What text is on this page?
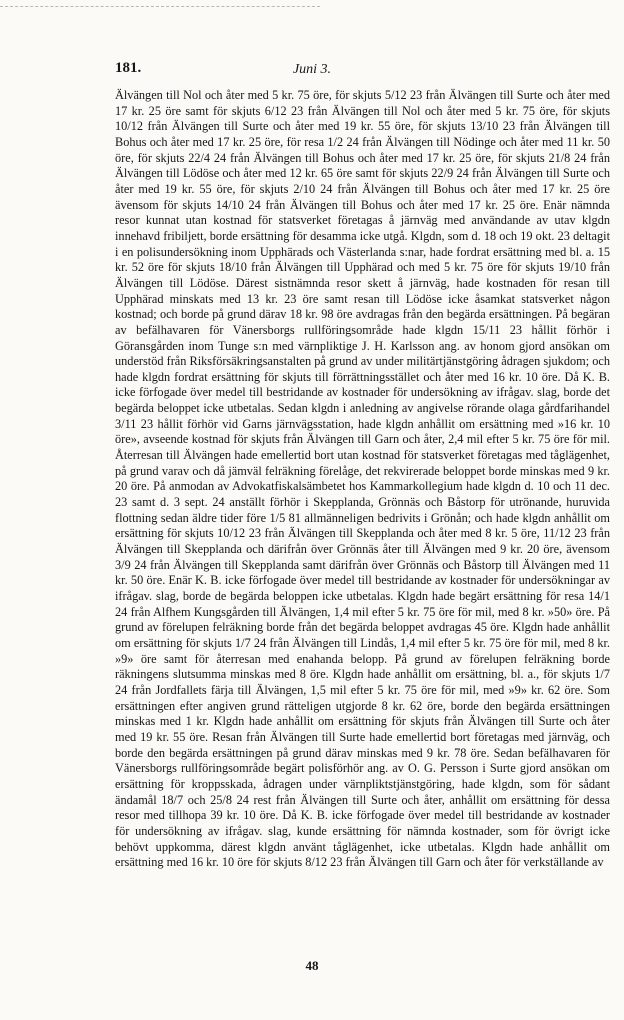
181.	Juni 3.

Älvängen till Nol och åter med 5 kr. 75 öre, för skjuts 5/12 23 från Älvängen till Surte och åter med 17 kr. 25 öre samt för skjuts 6/12 23 från Älvängen till Nol och åter med 5 kr. 75 öre, för skjuts 10/12 från Älvängen till Surte och åter med 19 kr. 55 öre, för skjuts 13/10 23 från Älvängen till Bohus och åter med 17 kr. 25 öre, för resa 1/2 24 från Älvängen till Nödinge och åter med 11 kr. 50 öre, för skjuts 22/4 24 från Älvängen till Bohus och åter med 17 kr. 25 öre, för skjuts 21/8 24 från Älvängen till Lödöse och åter med 12 kr. 65 öre samt för skjuts 22/9 24 från Älvängen till Surte och åter med 19 kr. 55 öre, för skjuts 2/10 24 från Älvängen till Bohus och åter med 17 kr. 25 öre ävensom för skjuts 14/10 24 från Älvängen till Bohus och åter med 17 kr. 25 öre. Enär nämnda resor kunnat utan kostnad för statsverket företagas å järnväg med användande av utav klgdn innehavd fribiljett, borde ersättning för desamma icke utgå. Klgdn, som d. 18 och 19 okt. 23 deltagit i en polisundersökning inom Upphärads och Västerlanda s:nar, hade fordrat ersättning med bl. a. 15 kr. 52 öre för skjuts 18/10 från Älvängen till Upphärad och med 5 kr. 75 öre för skjuts 19/10 från Älvängen till Lödöse. Därest sistnämnda resor skett å järnväg, hade kostnaden för resan till Upphärad minskats med 13 kr. 23 öre samt resan till Lödöse icke åsamkat statsverket någon kostnad; och borde på grund därav 18 kr. 98 öre avdragas från den begärda ersättningen. På begäran av befälhavaren för Vänersborgs rullföringsområde hade klgdn 15/11 23 hållit förhör i Göransgården inom Tunge s:n med värnpliktige J. H. Karlsson ang. av honom gjord ansökan om understöd från Riksförsäkringsanstalten på grund av under militärtjänstgöring ådragen sjukdom; och hade klgdn fordrat ersättning för skjuts till förrättningsstället och åter med 16 kr. 10 öre. Då K. B. icke förfogade över medel till bestridande av kostnader för undersökning av ifrågav. slag, borde det begärda beloppet icke utbetalas. Sedan klgdn i anledning av angivelse rörande olaga gårdfarihandel 3/11 23 hållit förhör vid Garns järnvägsstation, hade klgdn anhållit om ersättning med »16 kr. 10 öre», avseende kostnad för skjuts från Älvängen till Garn och åter, 2,4 mil efter 5 kr. 75 öre för mil. Återresan till Älvängen hade emellertid bort utan kostnad för statsverket företagas med tåglägenhet, på grund varav och då jämväl felräkning förelåge, det rekvirerade beloppet borde minskas med 9 kr. 20 öre. På anmodan av Advokatfiskalsämbetet hos Kammarkollegium hade klgdn d. 10 och 11 dec. 23 samt d. 3 sept. 24 anställt förhör i Skepplanda, Grönnäs och Båstorp för utrönande, huruvida flottning sedan äldre tider före 1/5 81 allmänneligen bedrivits i Grönån; och hade klgdn anhållit om ersättning för skjuts 10/12 23 från Älvängen till Skepplanda och åter med 8 kr. 5 öre, 11/12 23 från Älvängen till Skepplanda och därifrån över Grönnäs åter till Älvängen med 9 kr. 20 öre, ävensom 3/9 24 från Älvängen till Skepplanda samt därifrån över Grönnäs och Båstorp till Älvängen med 11 kr. 50 öre. Enär K. B. icke förfogade över medel till bestridande av kostnader för undersökningar av ifrågav. slag, borde de begärda beloppen icke utbetalas. Klgdn hade begärt ersättning för resa 14/1 24 från Alfhem Kungsgården till Älvängen, 1,4 mil efter 5 kr. 75 öre för mil, med 8 kr. »50» öre. På grund av förelupen felräkning borde från det begärda beloppet avdragas 45 öre. Klgdn hade anhållit om ersättning för skjuts 1/7 24 från Älvängen till Lindås, 1,4 mil efter 5 kr. 75 öre för mil, med 8 kr. »9» öre samt för återresan med enahanda belopp. På grund av förelupen felräkning borde räkningens slutsumma minskas med 8 öre. Klgdn hade anhållit om ersättning, bl. a., för skjuts 1/7 24 från Jordfallets färja till Älvängen, 1,5 mil efter 5 kr. 75 öre för mil, med »9» kr. 62 öre. Som ersättningen efter angiven grund rätteligen utgjorde 8 kr. 62 öre, borde den begärda ersättningen minskas med 1 kr. Klgdn hade anhållit om ersättning för skjuts från Älvängen till Surte och åter med 19 kr. 55 öre. Resan från Älvängen till Surte hade emellertid bort företagas med järnväg, och borde den begärda ersättningen på grund därav minskas med 9 kr. 78 öre. Sedan befälhavaren för Vänersborgs rullföringsområde begärt polisförhör ang. av O. G. Persson i Surte gjord ansökan om ersättning för kroppsskada, ådragen under värnpliktstjänstgöring, hade klgdn, som för sådant ändamål 18/7 och 25/8 24 rest från Älvängen till Surte och åter, anhållit om ersättning för dessa resor med tillhopa 39 kr. 10 öre. Då K. B. icke förfogade över medel till bestridande av kostnader för undersökning av ifrågav. slag, kunde ersättning för nämnda kostnader, som för övrigt icke behövt uppkomma, därest klgdn använt tåglägenhet, icke utbetalas. Klgdn hade anhållit om ersättning med 16 kr. 10 öre för skjuts 8/12 23 från Älvängen till Garn och åter för verkställande av

48
